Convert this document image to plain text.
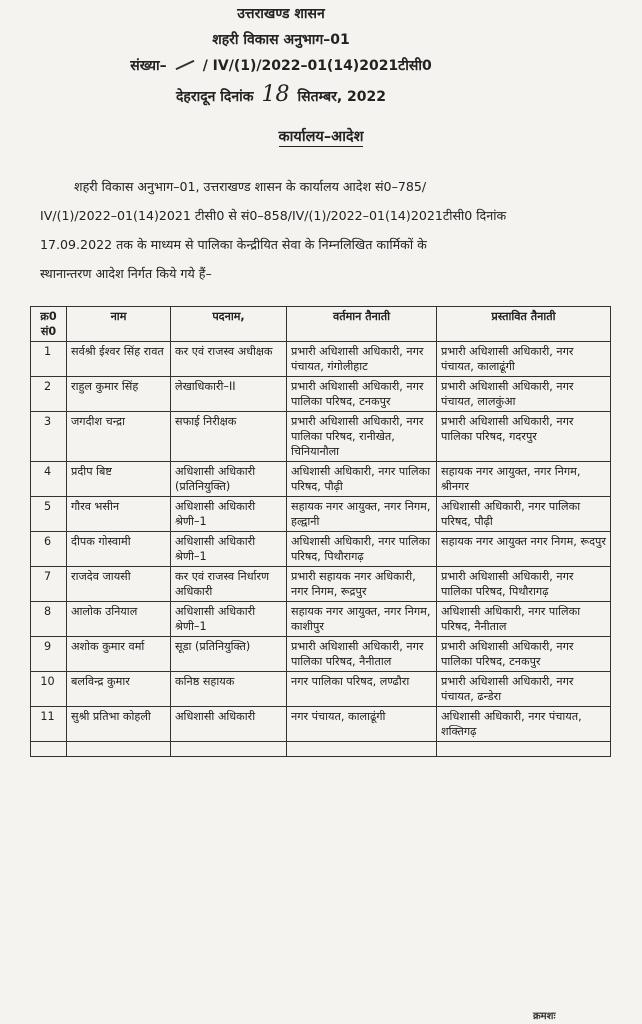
उत्तराखण्ड शासन
शहरी विकास अनुभाग–01
संख्या–	/ IV/(1)/2022–01(14)2021टीसी0
देहरादून दिनांक 18 सितम्बर, 2022
कार्यालय–आदेश
शहरी विकास अनुभाग–01, उत्तराखण्ड शासन के कार्यालय आदेश सं0–785/
IV/(1)/2022–01(14)2021 टीसी0 से सं0–858/IV/(1)/2022–01(14)2021टीसी0 दिनांक
17.09.2022 तक के माध्यम से पालिका केन्द्रीयित सेवा के निम्नलिखित कार्मिकों के
स्थानान्तरण आदेश निर्गत किये गये हैं–
क्र0 सं0	नाम	पदनाम,	वर्तमान तैनाती	प्रस्तावित तैनाती
1	सर्वश्री ईश्वर सिंह रावत	कर एवं राजस्व अधीक्षक	प्रभारी अधिशासी अधिकारी, नगर पंचायत, गंगोलीहाट	प्रभारी अधिशासी अधिकारी, नगर पंचायत, कालाढूंगी
2	राहुल कुमार सिंह	लेखाधिकारी–II	प्रभारी अधिशासी अधिकारी, नगर पालिका परिषद, टनकपुर	प्रभारी अधिशासी अधिकारी, नगर पंचायत, लालकुंआ
3	जगदीश चन्द्रा	सफाई निरीक्षक	प्रभारी अधिशासी अधिकारी, नगर पालिका परिषद, रानीखेत, चिनियानौला	प्रभारी अधिशासी अधिकारी, नगर पालिका परिषद, गदरपुर
4	प्रदीप बिष्ट	अधिशासी अधिकारी (प्रतिनियुक्ति)	अधिशासी अधिकारी, नगर पालिका परिषद, पौढ़ी	सहायक नगर आयुक्त, नगर निगम, श्रीनगर
5	गौरव भसीन	अधिशासी अधिकारी श्रेणी–1	सहायक नगर आयुक्त, नगर निगम, हल्द्वानी	अधिशासी अधिकारी, नगर पालिका परिषद, पौढ़ी
6	दीपक गोस्वामी	अधिशासी अधिकारी श्रेणी–1	अधिशासी अधिकारी, नगर पालिका परिषद, पिथौरागढ़	सहायक नगर आयुक्त नगर निगम, रूदपुर
7	राजदेव जायसी	कर एवं राजस्व निर्धारण अधिकारी	प्रभारी सहायक नगर अधिकारी, नगर निगम, रूद्रपुर	प्रभारी अधिशासी अधिकारी, नगर पालिका परिषद, पिथौरागढ़
8	आलोक उनियाल	अधिशासी अधिकारी श्रेणी–1	सहायक नगर आयुक्त, नगर निगम, काशीपुर	अधिशासी अधिकारी, नगर पालिका परिषद, नैनीताल
9	अशोक कुमार वर्मा	सूडा (प्रतिनियुक्ति)	प्रभारी अधिशासी अधिकारी, नगर पालिका परिषद, नैनीताल	प्रभारी अधिशासी अधिकारी, नगर पालिका परिषद, टनकपुर
10	बलविन्द्र कुमार	कनिष्ठ सहायक	नगर पालिका परिषद, लण्ढौरा	प्रभारी अधिशासी अधिकारी, नगर पंचायत, ढन्डेरा
11	सुश्री प्रतिभा कोहली	अधिशासी अधिकारी	नगर पंचायत, कालाढूंगी	अधिशासी अधिकारी, नगर पंचायत, शक्तिगढ़

क्रमशः
